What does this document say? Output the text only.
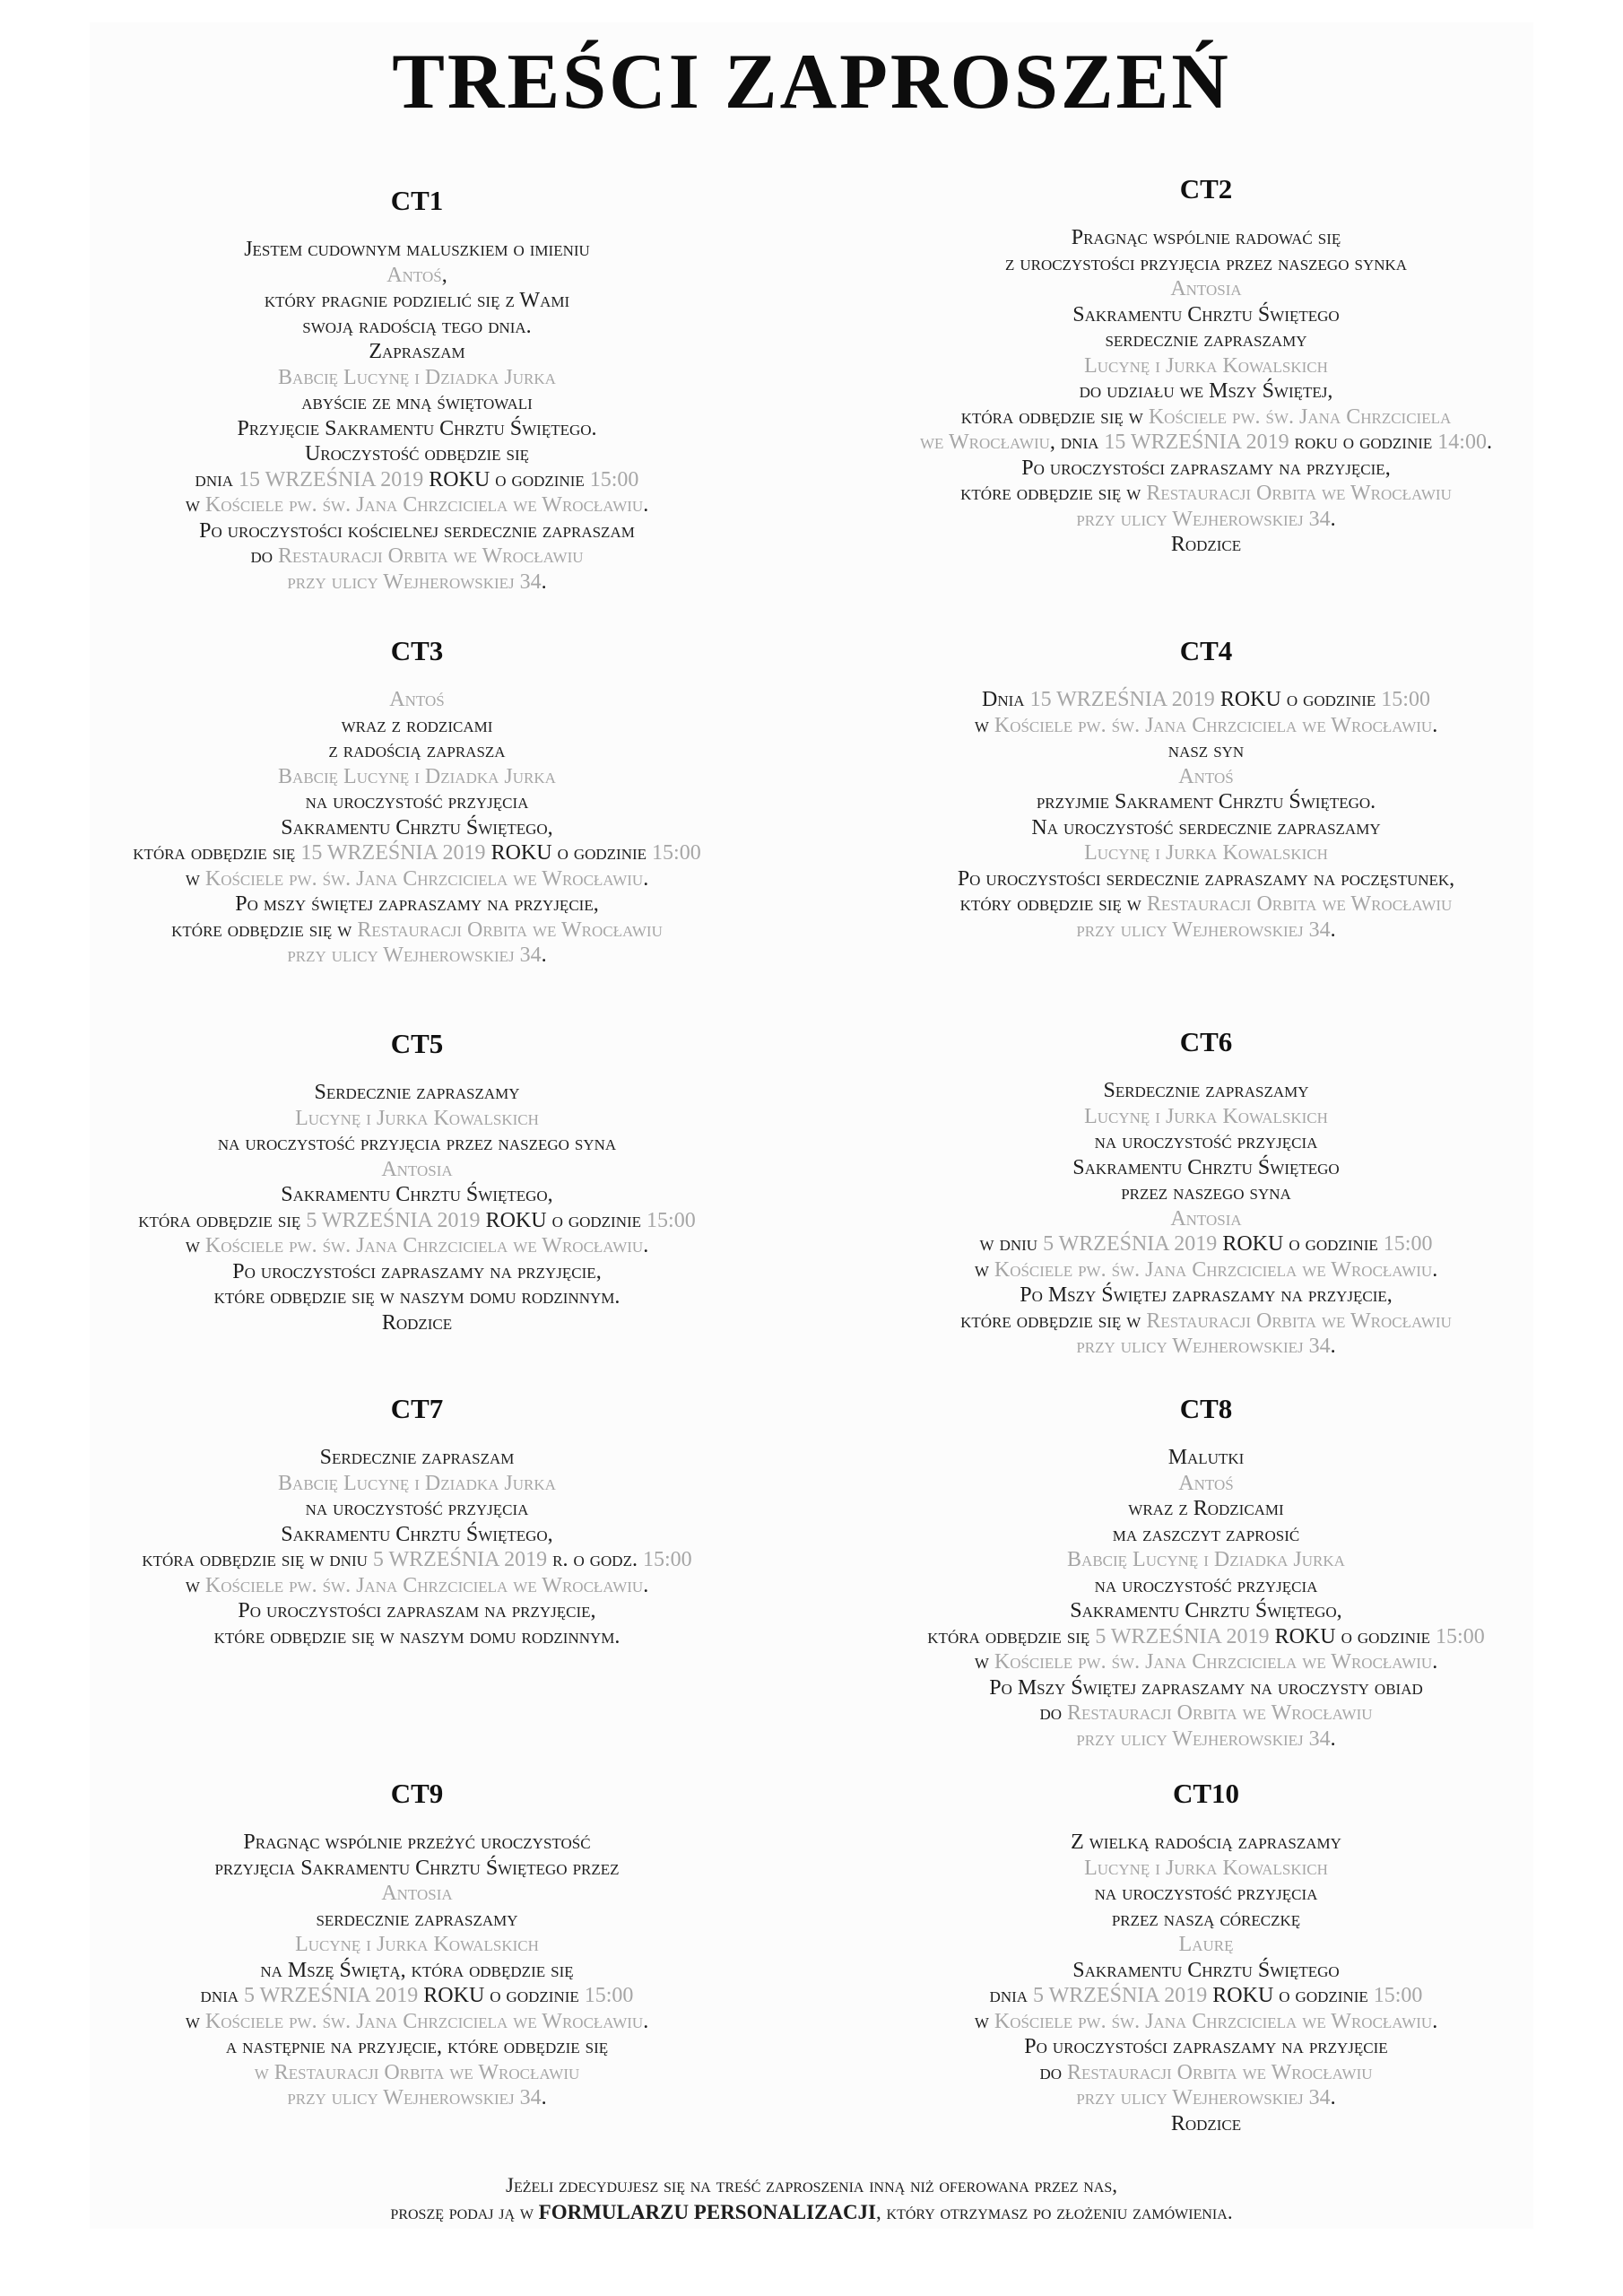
TREŚCI ZAPROSZEŃ
CT1
Jestem cudownym maluszkiem o imieniu
Antoś,
który pragnie podzielić się z Wami
swoją radością tego dnia.
Zapraszam
Babcię Lucynę i Dziadka Jurka
abyście ze mną świętowali
Przyjęcie Sakramentu Chrztu Świętego.
Uroczystość odbędzie się
dnia 15 WRZEŚNIA 2019 ROKU o godzinie 15:00
w Kościele pw. św. Jana Chrzciciela we Wrocławiu.
Po uroczystości kościelnej serdecznie zapraszam
do Restauracji Orbita we Wrocławiu
przy ulicy Wejherowskiej 34.
CT2
Pragnąc wspólnie radować się
z uroczystości przyjęcia przez naszego synka
Antosia
Sakramentu Chrztu Świętego
serdecznie zapraszamy
Lucynę i Jurka Kowalskich
do udziału we Mszy Świętej,
która odbędzie się w Kościele pw. św. Jana Chrzciciela
we Wrocławiu, dnia 15 WRZEŚNIA 2019 roku o godzinie 14:00.
Po uroczystości zapraszamy na przyjęcie,
które odbędzie się w Restauracji Orbita we Wrocławiu
przy ulicy Wejherowskiej 34.
Rodzice
CT3
Antoś
wraz z rodzicami
z radością zaprasza
Babcię Lucynę i Dziadka Jurka
na uroczystość przyjęcia
Sakramentu Chrztu Świętego,
która odbędzie się 15 WRZEŚNIA 2019 ROKU o godzinie 15:00
w Kościele pw. św. Jana Chrzciciela we Wrocławiu.
Po mszy świętej zapraszamy na przyjęcie,
które odbędzie się w Restauracji Orbita we Wrocławiu
przy ulicy Wejherowskiej 34.
CT4
Dnia 15 WRZEŚNIA 2019 ROKU o godzinie 15:00
w Kościele pw. św. Jana Chrzciciela we Wrocławiu.
nasz syn
Antoś
przyjmie Sakrament Chrztu Świętego.
Na uroczystość serdecznie zapraszamy
Lucynę i Jurka Kowalskich
Po uroczystości serdecznie zapraszamy na poczęstunek,
który odbędzie się w Restauracji Orbita we Wrocławiu
przy ulicy Wejherowskiej 34.
CT5
Serdecznie zapraszamy
Lucynę i Jurka Kowalskich
na uroczystość przyjęcia przez naszego syna
Antosia
Sakramentu Chrztu Świętego,
która odbędzie się 5 WRZEŚNIA 2019 ROKU o godzinie 15:00
w Kościele pw. św. Jana Chrzciciela we Wrocławiu.
Po uroczystości zapraszamy na przyjęcie,
które odbędzie się w naszym domu rodzinnym.
Rodzice
CT6
Serdecznie zapraszamy
Lucynę i Jurka Kowalskich
na uroczystość przyjęcia
Sakramentu Chrztu Świętego
przez naszego syna
Antosia
w dniu 5 WRZEŚNIA 2019 ROKU o godzinie 15:00
w Kościele pw. św. Jana Chrzciciela we Wrocławiu.
Po Mszy Świętej zapraszamy na przyjęcie,
które odbędzie się w Restauracji Orbita we Wrocławiu
przy ulicy Wejherowskiej 34.
CT7
Serdecznie zapraszam
Babcię Lucynę i Dziadka Jurka
na uroczystość przyjęcia
Sakramentu Chrztu Świętego,
która odbędzie się w dniu 5 WRZEŚNIA 2019 r. o godz. 15:00
w Kościele pw. św. Jana Chrzciciela we Wrocławiu.
Po uroczystości zapraszam na przyjęcie,
które odbędzie się w naszym domu rodzinnym.
CT8
Malutki
Antoś
wraz z Rodzicami
ma zaszczyt zaprosić
Babcię Lucynę i Dziadka Jurka
na uroczystość przyjęcia
Sakramentu Chrztu Świętego,
która odbędzie się 5 WRZEŚNIA 2019 ROKU o godzinie 15:00
w Kościele pw. św. Jana Chrzciciela we Wrocławiu.
Po Mszy Świętej zapraszamy na uroczysty obiad
do Restauracji Orbita we Wrocławiu
przy ulicy Wejherowskiej 34.
CT9
Pragnąc wspólnie przeżyć uroczystość
przyjęcia Sakramentu Chrztu Świętego przez
Antosia
serdecznie zapraszamy
Lucynę i Jurka Kowalskich
na Mszę Świętą, która odbędzie się
dnia 5 WRZEŚNIA 2019 ROKU o godzinie 15:00
w Kościele pw. św. Jana Chrzciciela we Wrocławiu.
a następnie na przyjęcie, które odbędzie się
w Restauracji Orbita we Wrocławiu
przy ulicy Wejherowskiej 34.
CT10
Z wielką radością zapraszamy
Lucynę i Jurka Kowalskich
na uroczystość przyjęcia
przez naszą córeczkę
Laurę
Sakramentu Chrztu Świętego
dnia 5 WRZEŚNIA 2019 ROKU o godzinie 15:00
w Kościele pw. św. Jana Chrzciciela we Wrocławiu.
Po uroczystości zapraszamy na przyjęcie
do Restauracji Orbita we Wrocławiu
przy ulicy Wejherowskiej 34.
Rodzice
Jeżeli zdecydujesz się na treść zaproszenia inną niż oferowana przez nas,
proszę podaj ją w FORMULARZU PERSONALIZACJI, który otrzymasz po złożeniu zamówienia.
